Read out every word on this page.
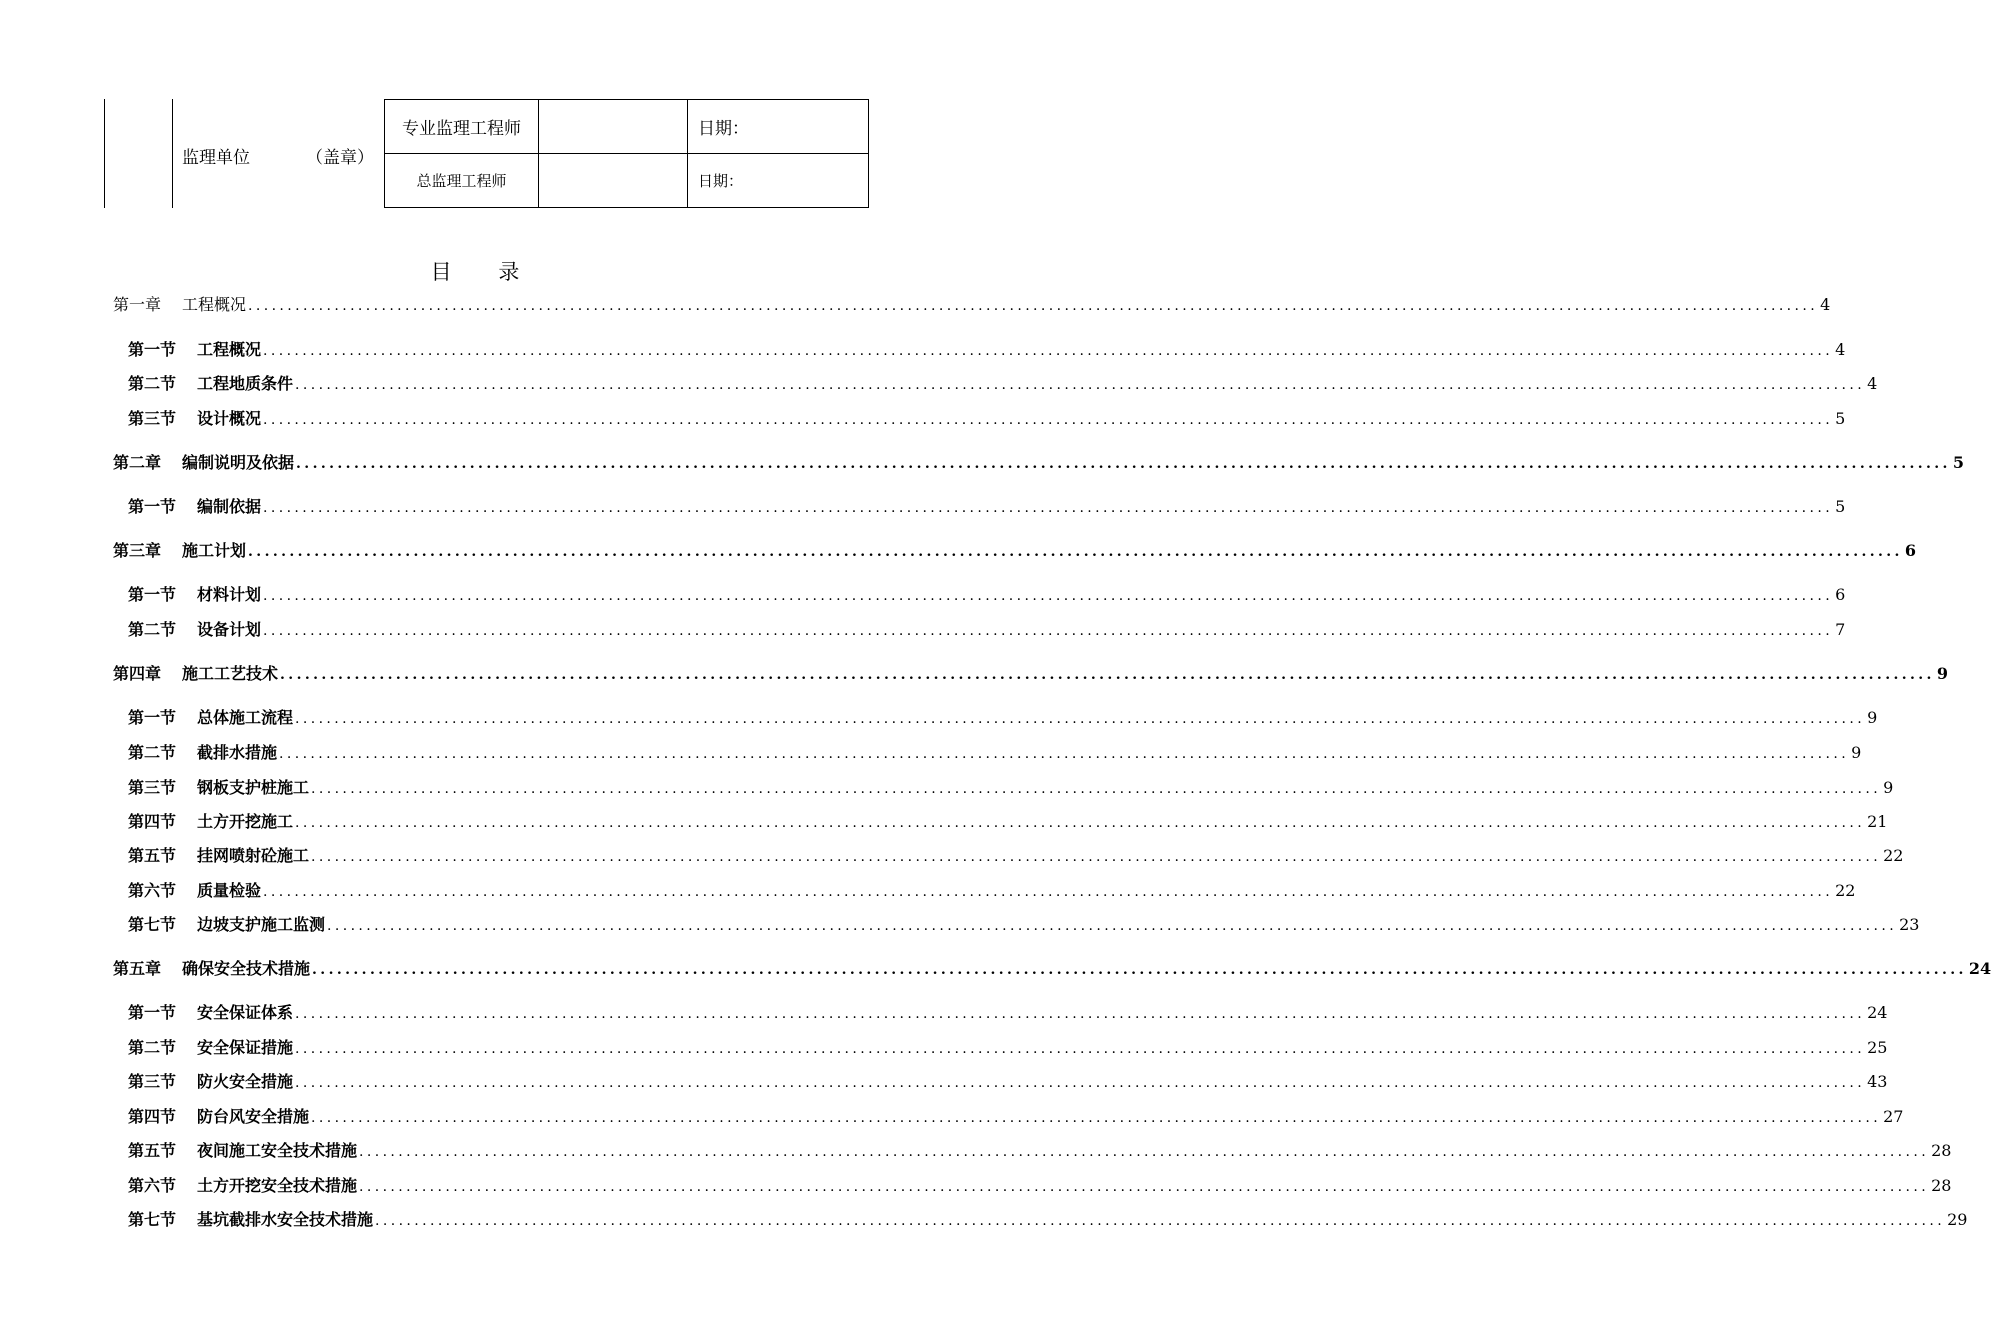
监理单位	（盖章）
专业监理工程师	日期：
总监理工程师	日期：
目 录
第一章 工程概况 ........................................................................................................................................................................................................ 4
第一节 工程概况 ........................................................................................................................................................................................................ 4
第二节 工程地质条件 ........................................................................................................................................................................................................ 4
第三节 设计概况 ........................................................................................................................................................................................................ 5
第二章 编制说明及依据 ........................................................................................................................................................................................................ 5
第一节 编制依据 ........................................................................................................................................................................................................ 5
第三章 施工计划 ........................................................................................................................................................................................................ 6
第一节 材料计划 ........................................................................................................................................................................................................ 6
第二节 设备计划 ........................................................................................................................................................................................................ 7
第四章 施工工艺技术 ........................................................................................................................................................................................................ 9
第一节 总体施工流程 ........................................................................................................................................................................................................ 9
第二节 截排水措施 ........................................................................................................................................................................................................ 9
第三节 钢板支护桩施工 ........................................................................................................................................................................................................ 9
第四节 土方开挖施工 ........................................................................................................................................................................................................ 21
第五节 挂网喷射砼施工 ........................................................................................................................................................................................................ 22
第六节 质量检验 ........................................................................................................................................................................................................ 22
第七节 边坡支护施工监测 ........................................................................................................................................................................................................ 23
第五章 确保安全技术措施 ........................................................................................................................................................................................................ 24
第一节 安全保证体系 ........................................................................................................................................................................................................ 24
第二节 安全保证措施 ........................................................................................................................................................................................................ 25
第三节 防火安全措施 ........................................................................................................................................................................................................ 43
第四节 防台风安全措施 ........................................................................................................................................................................................................ 27
第五节 夜间施工安全技术措施 ........................................................................................................................................................................................................ 28
第六节 土方开挖安全技术措施 ........................................................................................................................................................................................................ 28
第七节 基坑截排水安全技术措施 ........................................................................................................................................................................................................ 29
